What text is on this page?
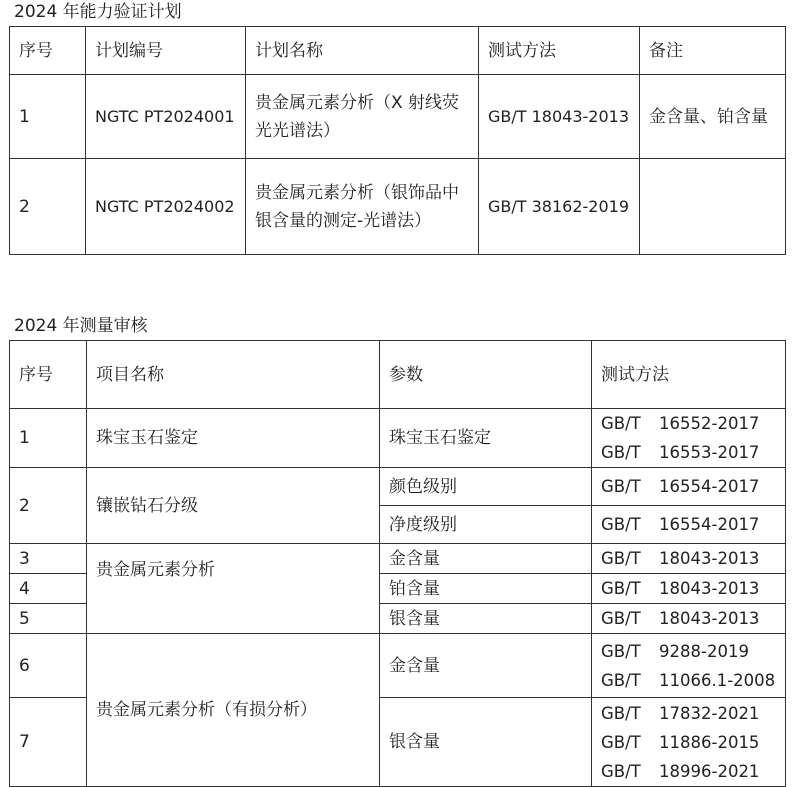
2024 年能力验证计划
序号	计划编号	计划名称	测试方法	备注
1	NGTC PT2024001	贵金属元素分析（X 射线荧光光谱法）	GB/T 18043-2013	金含量、铂含量
2	NGTC PT2024002	贵金属元素分析（银饰品中银含量的测定-光谱法）	GB/T 38162-2019	
2024 年测量审核
序号	项目名称	参数	测试方法
1	珠宝玉石鉴定	珠宝玉石鉴定	GB/T 16552-2017
GB/T 16553-2017

2	镶嵌钻石分级	颜色级别	GB/T 16554-2017

		净度级别	GB/T 16554-2017

3	贵金属元素分析	金含量	GB/T 18043-2013

4		铂含量	GB/T 18043-2013

5		银含量	GB/T 18043-2013

6	贵金属元素分析（有损分析）	金含量	GB/T 9288-2019
GB/T 11066.1-2008

7		银含量	GB/T 17832-2021
GB/T 11886-2015
GB/T 18996-2021
